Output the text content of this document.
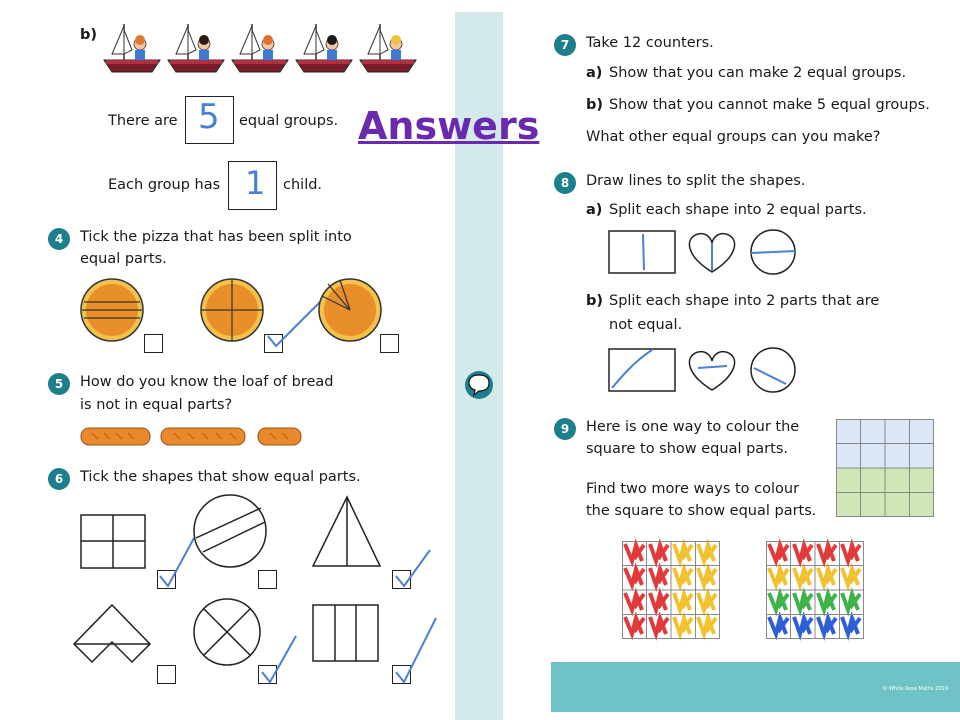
Answers
b)
There are 5 equal groups.
Each group has 1 child.
4	Tick the pizza that has been split into
equal parts.
5	How do you know the loaf of bread
is not in equal parts?
6	Tick the shapes that show equal parts.
7	Take 12 counters.
a) Show that you can make 2 equal groups.
b) Show that you cannot make 5 equal groups.
What other equal groups can you make?
8	Draw lines to split the shapes.
a) Split each shape into 2 equal parts.
b) Split each shape into 2 parts that are
not equal.
9	Here is one way to colour the
square to show equal parts.
Find two more ways to colour
the square to show equal parts.
© White Rose Maths 2019
